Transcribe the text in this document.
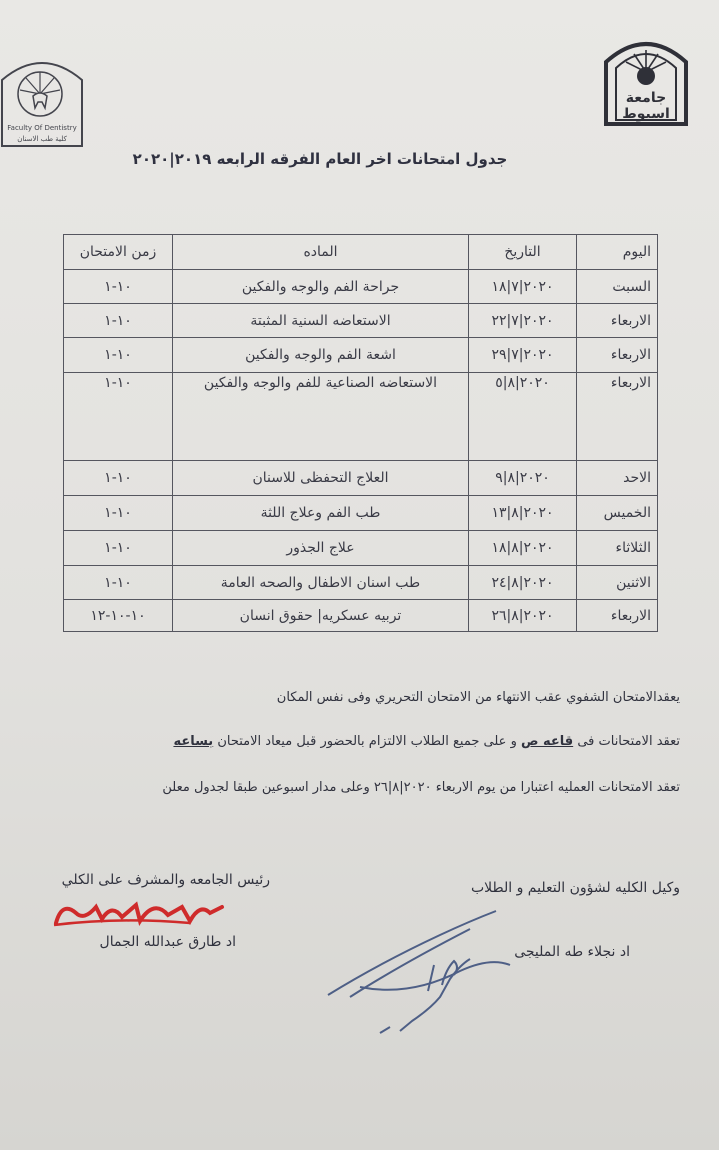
جامعة
اسيوط
Faculty Of Dentistry
كلية طب الاسنان
جدول امتحانات اخر العام الفرقه الرابعه ٢٠١٩|٢٠٢٠
اليوم	التاريخ	الماده	زمن الامتحان
السبت	٢٠٢٠|٧|١٨	جراحة الفم والوجه والفكين	١٠-١
الاربعاء	٢٠٢٠|٧|٢٢	الاستعاضه السنية المثبتة	١٠-١
الاربعاء	٢٠٢٠|٧|٢٩	اشعة الفم والوجه والفكين	١٠-١
الاربعاء	٢٠٢٠|٨|٥	الاستعاضه الصناعية للفم والوجه والفكين	١٠-١
الاحد	٢٠٢٠|٨|٩	العلاج التحفظى للاسنان	١٠-١
الخميس	٢٠٢٠|٨|١٣	طب الفم وعلاج اللثة	١٠-١
الثلاثاء	٢٠٢٠|٨|١٨	علاج الجذور	١٠-١
الاثنين	٢٠٢٠|٨|٢٤	طب اسنان الاطفال والصحه العامة	١٠-١
الاربعاء	٢٠٢٠|٨|٢٦	تربيه عسكريه| حقوق انسان	١٠-١٠-١٢
يعقدالامتحان الشفوي عقب الانتهاء من الامتحان التحريري وفى نفس المكان
تعقد الامتحانات فى قاعه ص و على جميع الطلاب الالتزام بالحضور قبل ميعاد الامتحان بساعه
تعقد الامتحانات العمليه اعتبارا من يوم الاربعاء ٢٠٢٠|٨|٢٦ وعلى مدار اسبوعين طبقا لجدول معلن
وكيل الكليه لشؤون التعليم و الطلاب
اد نجلاء طه المليجى
رئيس الجامعه والمشرف على الكلي
اد طارق عبدالله الجمال
